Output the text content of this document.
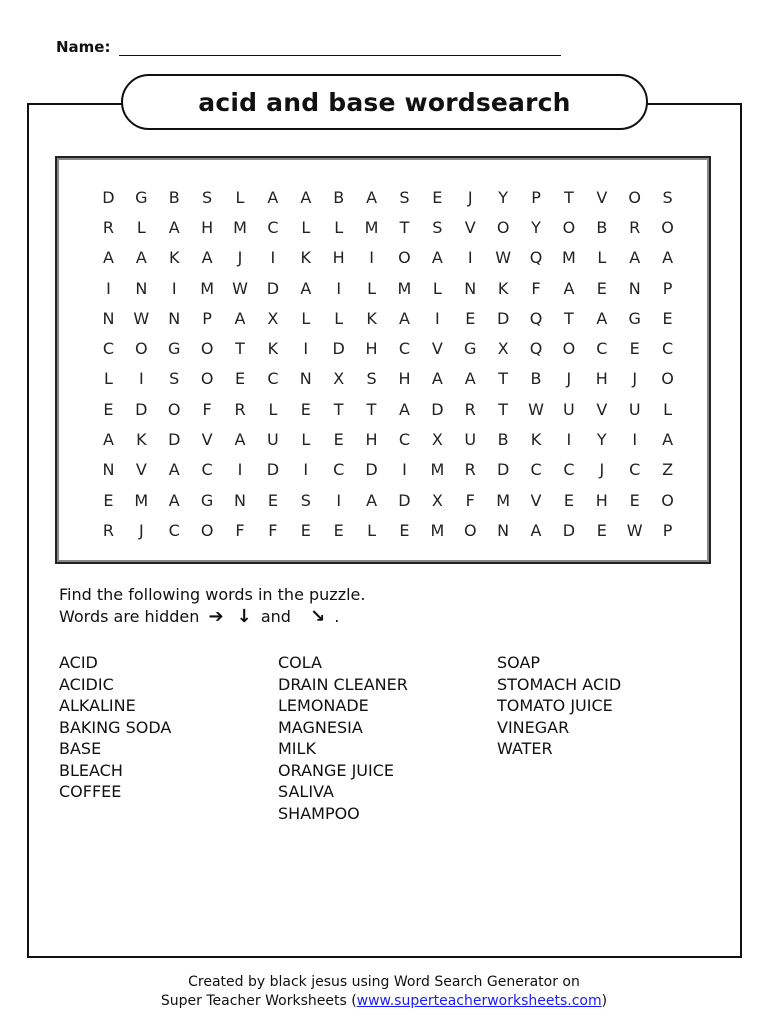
Name:
acid and base wordsearch
D	G	B	S	L	A	A	B	A	S	E	J	Y	P	T	V	O	S
R	L	A	H	M	C	L	L	M	T	S	V	O	Y	O	B	R	O
A	A	K	A	J	I	K	H	I	O	A	I	W	Q	M	L	A	A
I	N	I	M	W	D	A	I	L	M	L	N	K	F	A	E	N	P
N	W	N	P	A	X	L	L	K	A	I	E	D	Q	T	A	G	E
C	O	G	O	T	K	I	D	H	C	V	G	X	Q	O	C	E	C
L	I	S	O	E	C	N	X	S	H	A	A	T	B	J	H	J	O
E	D	O	F	R	L	E	T	T	A	D	R	T	W	U	V	U	L
A	K	D	V	A	U	L	E	H	C	X	U	B	K	I	Y	I	A
N	V	A	C	I	D	I	C	D	I	M	R	D	C	C	J	C	Z
E	M	A	G	N	E	S	I	A	D	X	F	M	V	E	H	E	O
R	J	C	O	F	F	E	E	L	E	M	O	N	A	D	E	W	P
Find the following words in the puzzle.
Words are hidden ➔ ↓ and ↘ .
ACID
ACIDIC
ALKALINE
BAKING SODA
BASE
BLEACH
COFFEE
COLA
DRAIN CLEANER
LEMONADE
MAGNESIA
MILK
ORANGE JUICE
SALIVA
SHAMPOO
SOAP
STOMACH ACID
TOMATO JUICE
VINEGAR
WATER
Created by black jesus using Word Search Generator on
Super Teacher Worksheets (www.superteacherworksheets.com)
